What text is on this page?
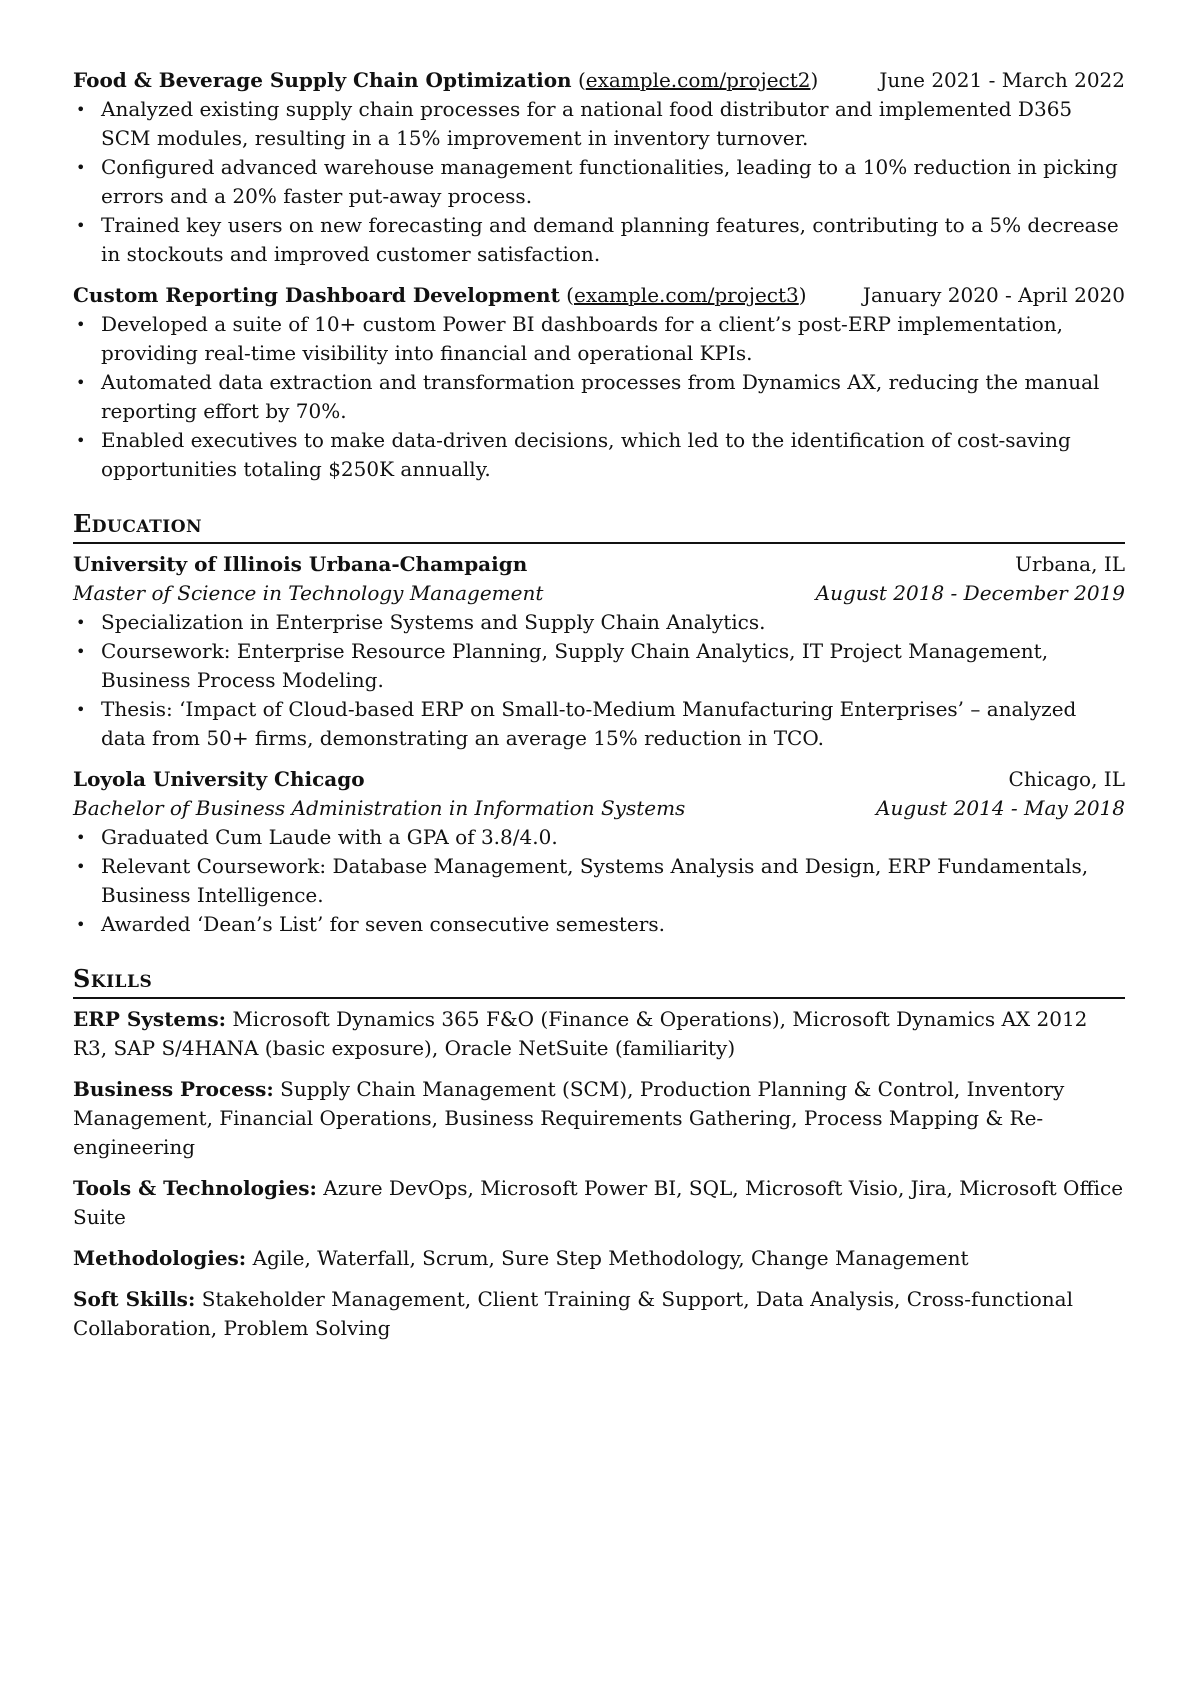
Food & Beverage Supply Chain Optimization (example.com/project2)	June 2021 - March 2022
• Analyzed existing supply chain processes for a national food distributor and implemented D365 SCM modules, resulting in a 15% improvement in inventory turnover.
• Configured advanced warehouse management functionalities, leading to a 10% reduction in picking errors and a 20% faster put-away process.
• Trained key users on new forecasting and demand planning features, contributing to a 5% decrease in stockouts and improved customer satisfaction.
Custom Reporting Dashboard Development (example.com/project3)	January 2020 - April 2020
• Developed a suite of 10+ custom Power BI dashboards for a client’s post-ERP implementation, providing real-time visibility into financial and operational KPIs.
• Automated data extraction and transformation processes from Dynamics AX, reducing the manual reporting effort by 70%.
• Enabled executives to make data-driven decisions, which led to the identification of cost-saving opportunities totaling $250K annually.
Education
University of Illinois Urbana-Champaign	Urbana, IL
Master of Science in Technology Management	August 2018 - December 2019
• Specialization in Enterprise Systems and Supply Chain Analytics.
• Coursework: Enterprise Resource Planning, Supply Chain Analytics, IT Project Management, Business Process Modeling.
• Thesis: ‘Impact of Cloud-based ERP on Small-to-Medium Manufacturing Enterprises’ – analyzed data from 50+ firms, demonstrating an average 15% reduction in TCO.
Loyola University Chicago	Chicago, IL
Bachelor of Business Administration in Information Systems	August 2014 - May 2018
• Graduated Cum Laude with a GPA of 3.8/4.0.
• Relevant Coursework: Database Management, Systems Analysis and Design, ERP Fundamentals, Business Intelligence.
• Awarded ‘Dean’s List’ for seven consecutive semesters.
Skills
ERP Systems: Microsoft Dynamics 365 F&O (Finance & Operations), Microsoft Dynamics AX 2012 R3, SAP S/4HANA (basic exposure), Oracle NetSuite (familiarity)
Business Process: Supply Chain Management (SCM), Production Planning & Control, Inventory Management, Financial Operations, Business Requirements Gathering, Process Mapping & Re-engineering
Tools & Technologies: Azure DevOps, Microsoft Power BI, SQL, Microsoft Visio, Jira, Microsoft Office Suite
Methodologies: Agile, Waterfall, Scrum, Sure Step Methodology, Change Management
Soft Skills: Stakeholder Management, Client Training & Support, Data Analysis, Cross-functional Collaboration, Problem Solving
